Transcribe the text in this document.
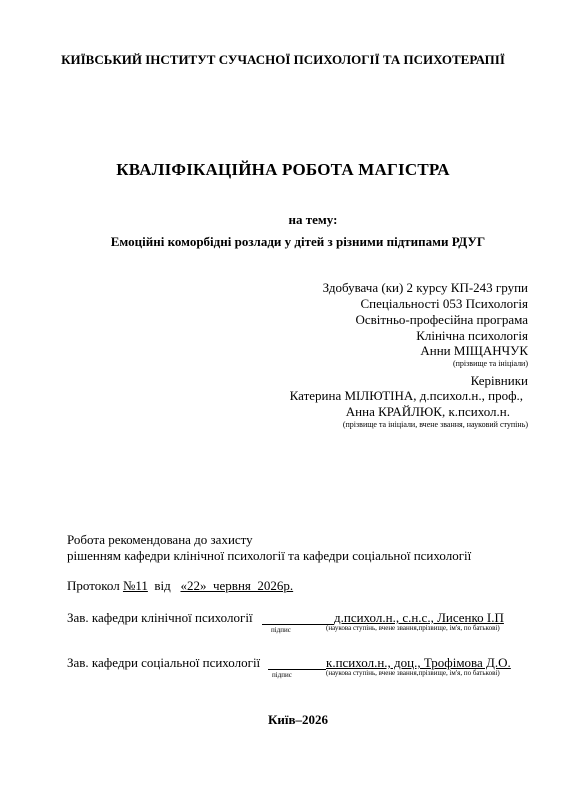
КИЇВСЬКИЙ ІНСТИТУТ СУЧАСНОЇ ПСИХОЛОГІЇ ТА ПСИХОТЕРАПІЇ
КВАЛІФІКАЦІЙНА РОБОТА МАГІСТРА
на тему:
Емоційні коморбідні розлади у дітей з різними підтипами РДУГ
Здобувача (ки) 2 курсу КП-243 групи
Спеціальності 053 Психологія
Освітньо-професійна програма
Клінічна психологія
Анни МІЩАНЧУК
(прізвище та ініціали)
Керівники
Катерина МІЛЮТІНА, д.психол.н., проф.,
Анна КРАЙЛЮК, к.психол.н.
(прізвище та ініціали, вчене звання, науковий ступінь)
Робота рекомендована до захисту
рішенням кафедри клінічної психології та кафедри соціальної психології
Протокол №11  від   «22»  червня  2026р.
Зав. кафедри клінічної психології	д.психол.н., с.н.с., Лисенко І.П
підпис	(наукова ступінь, вчене звання,прізвище, ім'я, по батькові)
Зав. кафедри соціальної психології	к.психол.н., доц., Трофімова Д.О.
підпис	(наукова ступінь, вчене звання,прізвище, ім'я, по батькові)
Київ–2026
